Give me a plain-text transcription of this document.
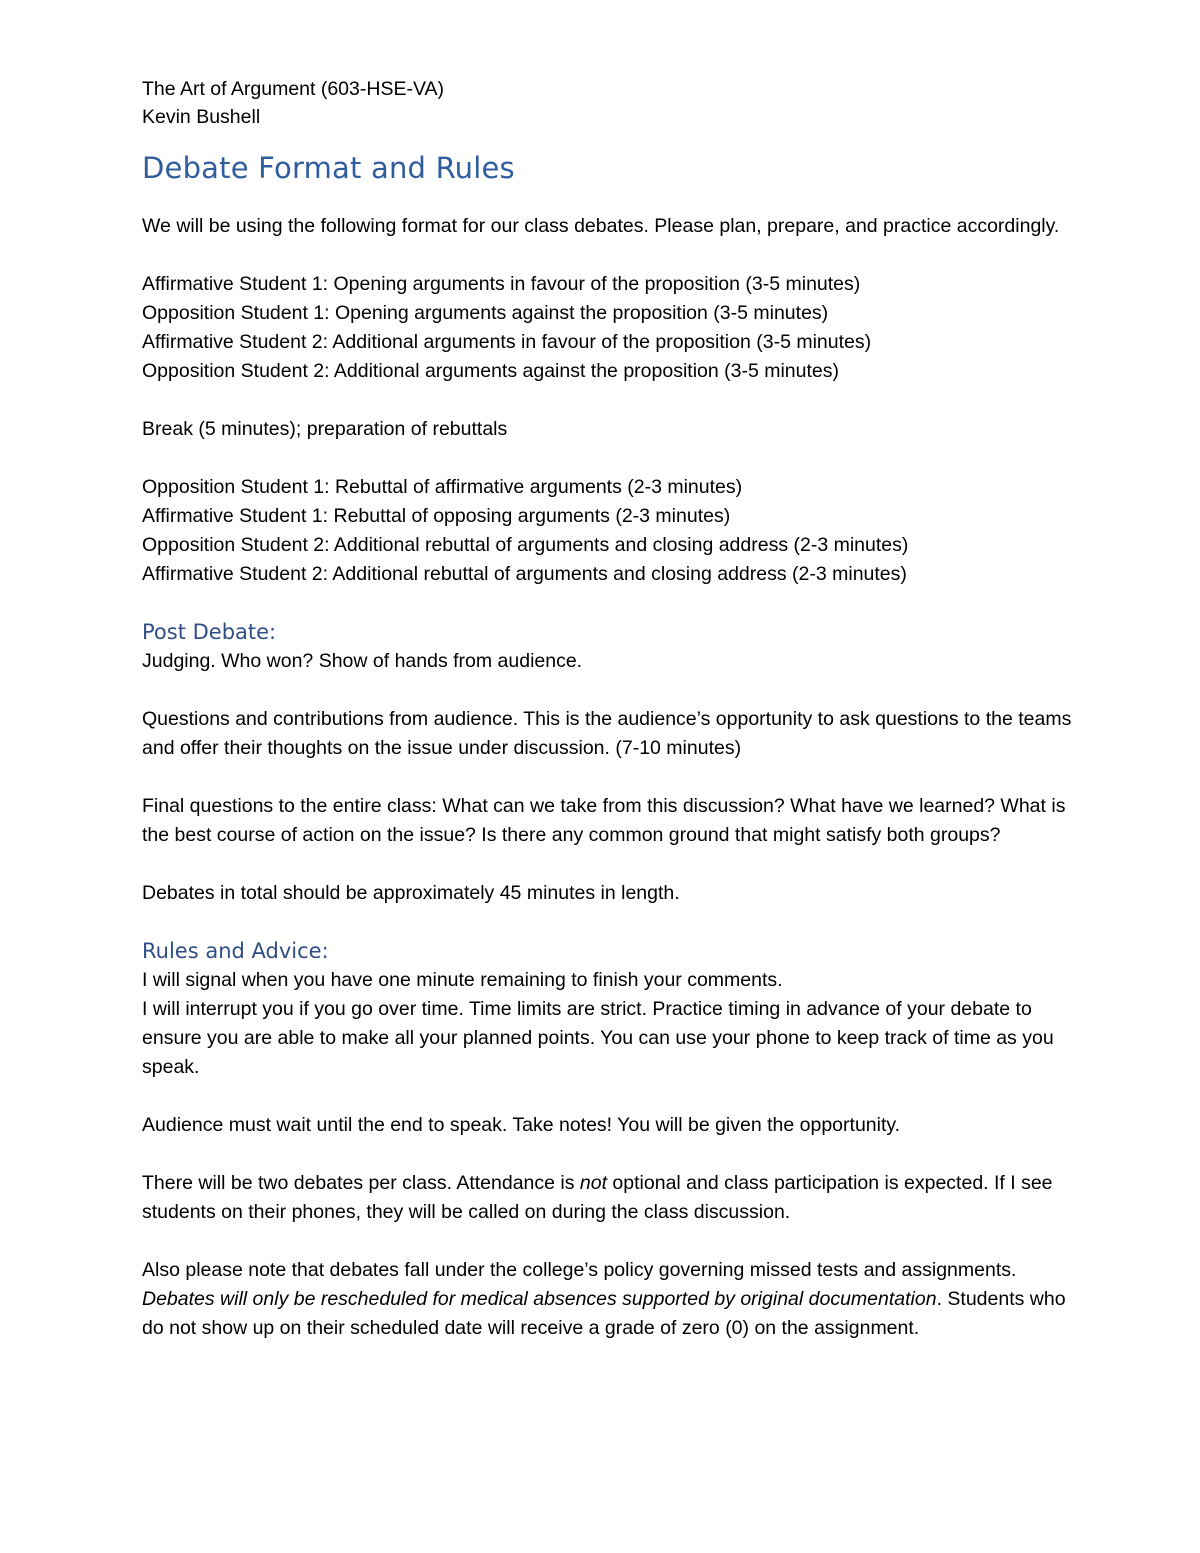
The Art of Argument (603-HSE-VA)

Kevin Bushell

Debate Format and Rules

We will be using the following format for our class debates. Please plan, prepare, and practice accordingly.

Affirmative Student 1: Opening arguments in favour of the proposition (3-5 minutes)
Opposition Student 1: Opening arguments against the proposition (3-5 minutes)
Affirmative Student 2: Additional arguments in favour of the proposition (3-5 minutes)
Opposition Student 2: Additional arguments against the proposition (3-5 minutes)

Break (5 minutes); preparation of rebuttals

Opposition Student 1: Rebuttal of affirmative arguments (2-3 minutes)
Affirmative Student 1: Rebuttal of opposing arguments (2-3 minutes)
Opposition Student 2: Additional rebuttal of arguments and closing address (2-3 minutes)
Affirmative Student 2: Additional rebuttal of arguments and closing address (2-3 minutes)
Post Debate:

Judging. Who won? Show of hands from audience.

Questions and contributions from audience. This is the audience’s opportunity to ask questions to the teams and offer their thoughts on the issue under discussion. (7-10 minutes)

Final questions to the entire class: What can we take from this discussion? What have we learned? What is the best course of action on the issue? Is there any common ground that might satisfy both groups?

Debates in total should be approximately 45 minutes in length.

Rules and Advice:

I will signal when you have one minute remaining to finish your comments.

I will interrupt you if you go over time. Time limits are strict. Practice timing in advance of your debate to ensure you are able to make all your planned points. You can use your phone to keep track of time as you speak.

Audience must wait until the end to speak. Take notes! You will be given the opportunity.

There will be two debates per class. Attendance is not optional and class participation is expected. If I see students on their phones, they will be called on during the class discussion.

Also please note that debates fall under the college’s policy governing missed tests and assignments. Debates will only be rescheduled for medical absences supported by original documentation. Students who do not show up on their scheduled date will receive a grade of zero (0) on the assignment.
